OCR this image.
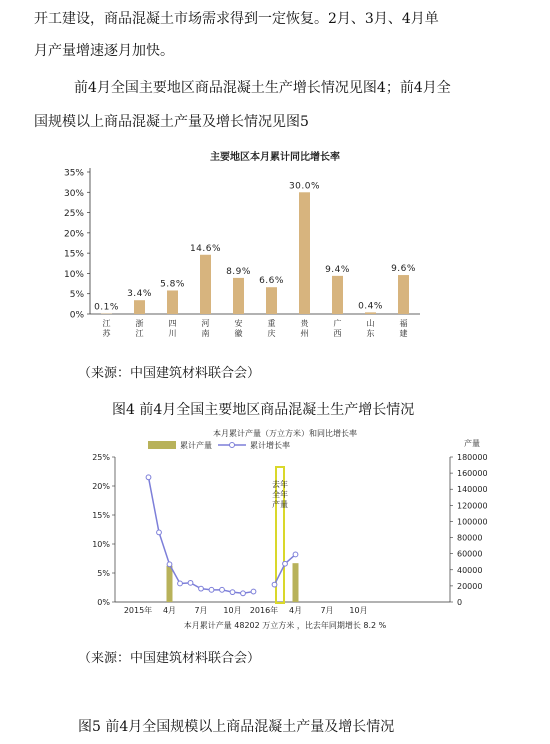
开工建设，商品混凝土市场需求得到一定恢复。2月、3月、4月单

月产量增速逐月加快。

前4月全国主要地区商品混凝土生产增长情况见图4；前4月全

国规模以上商品混凝土产量及增长情况见图5

主要地区本月累计同比增长率
0%
5%
10%
15%
20%
25%
30%
35%
0.1%
江
苏
3.4%
浙
江
5.8%
四
川
14.6%
河
南
8.9%
安
徽
6.6%
重
庆
30.0%
贵
州
9.4%
广
西
0.4%
山
东
9.6%
福
建
（来源：中国建筑材料联合会）
图4 前4月全国主要地区商品混凝土生产增长情况
本月累计产量（万立方米）和同比增长率
累计产量	累计增长率	产量
0%
5%
10%
15%
20%
25%
0
20000
40000
60000
80000
100000
120000
140000
160000
180000
2015年 4月 7月 10月 2016年 4月 7月 10月
去年
全年
产量
本月累计产量 48202 万立方米 ，比去年同期增长 8.2 %
（来源：中国建筑材料联合会）
图5 前4月全国规模以上商品混凝土产量及增长情况
